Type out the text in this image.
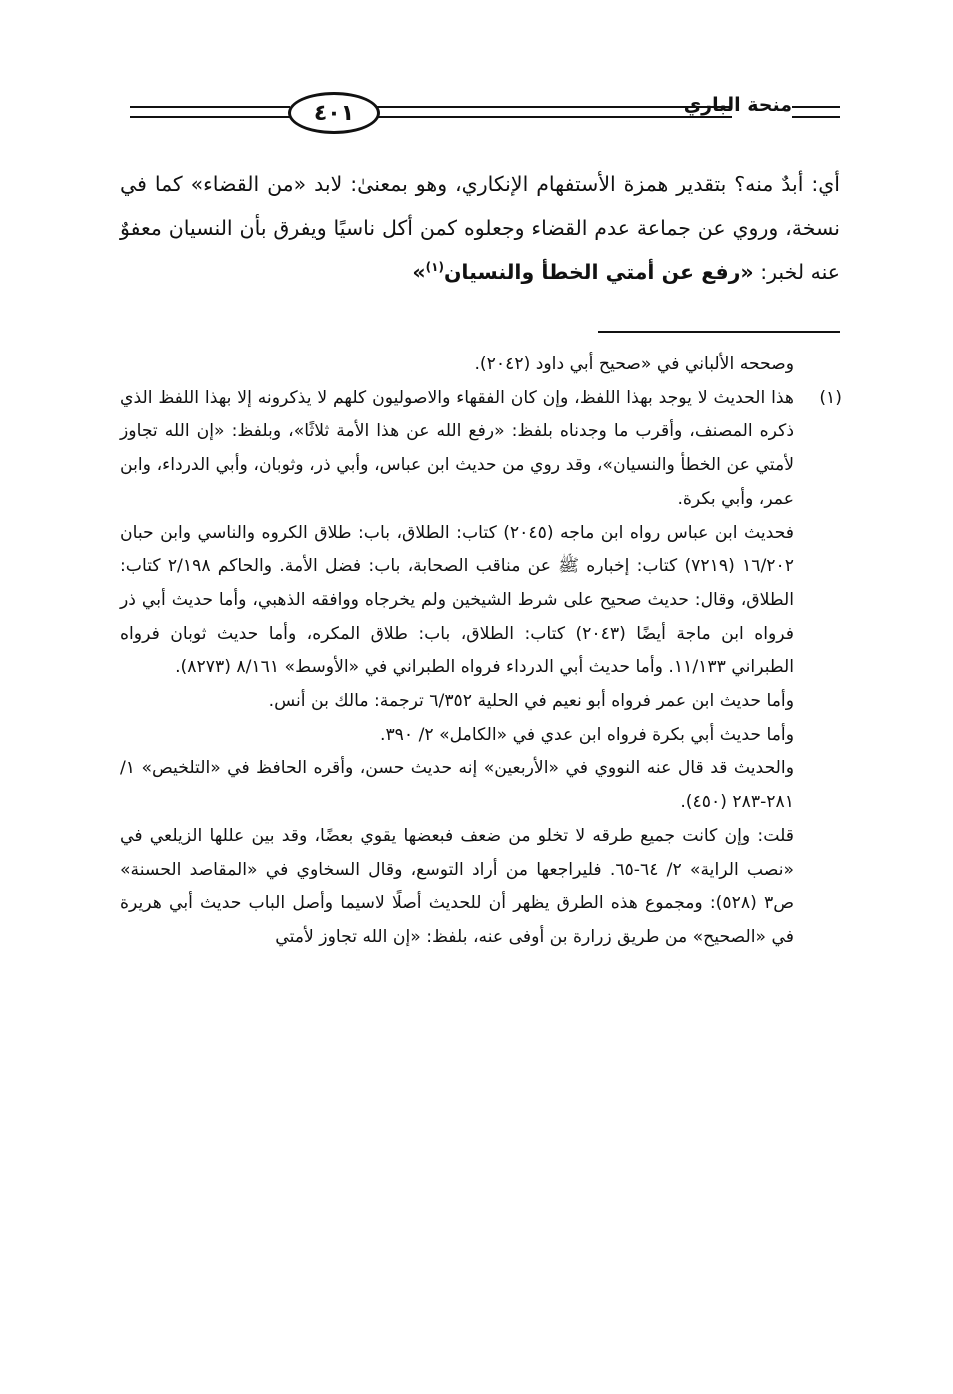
٤٠١	منحة الباري
أي: أبدٌ منه؟ بتقدير همزة الأستفهام الإنكاري، وهو بمعنىٰ: لابد «من القضاء» كما في نسخة، وروي عن جماعة عدم القضاء وجعلوه كمن أكل ناسيًا ويفرق بأن النسيان معفوٌ عنه لخبر: «رفع عن أمتي الخطأ والنسيان$^{(١)}$»

وصححه الألباني في «صحيح أبي داود (٢٠٤٢).

(١)هذا الحديث لا يوجد بهذا اللفظ، وإن كان الفقهاء والاصوليون كلهم لا يذكرونه إلا بهذا اللفظ الذي ذكره المصنف، وأقرب ما وجدناه بلفظ: «رفع الله عن هذا الأمة ثلاثًا»، وبلفظ: «إن الله تجاوز لأمتي عن الخطأ والنسيان»، وقد روي من حديث ابن عباس، وأبي ذر، وثوبان، وأبي الدرداء، وابن عمر، وأبي بكرة.

فحديث ابن عباس رواه ابن ماجه (٢٠٤٥) كتاب: الطلاق، باب: طلاق الكروه والناسي وابن حبان ١٦/٢٠٢ (٧٢١٩) كتاب: إخباره ﷺ عن مناقب الصحابة، باب: فضل الأمة. والحاكم ٢/١٩٨ كتاب: الطلاق، وقال: حديث صحيح على شرط الشيخين ولم يخرجاه ووافقه الذهبي، وأما حديث أبي ذر فرواه ابن ماجة أيضًا (٢٠٤٣) كتاب: الطلاق، باب: طلاق المكره، وأما حديث ثوبان فرواه الطبراني ١١/١٣٣. وأما حديث أبي الدرداء فرواه الطبراني في «الأوسط» ٨/١٦١ (٨٢٧٣).

وأما حديث ابن عمر فرواه أبو نعيم في الحلية ٦/٣٥٢ ترجمة: مالك بن أنس.

وأما حديث أبي بكرة فرواه ابن عدي في «الكامل» ٢/ ٣٩٠.

والحديث قد قال عنه النووي في «الأربعين» إنه حديث حسن، وأقره الحافظ في «التلخيص» ١/ ٢٨١-٢٨٣ (٤٥٠).

قلت: وإن كانت جميع طرقه لا تخلو من ضعف فبعضها يقوي بعضًا، وقد بين عللها الزيلعي في «نصب الراية» ٢/ ٦٤-٦٥. فليراجعها من أراد التوسع، وقال السخاوي في «المقاصد الحسنة» ص٣ (٥٢٨): ومجموع هذه الطرق يظهر أن للحديث أصلًا لاسيما وأصل الباب حديث أبي هريرة في «الصحيح» من طريق زرارة بن أوفى عنه، بلفظ: «إن الله تجاوز لأمتي
